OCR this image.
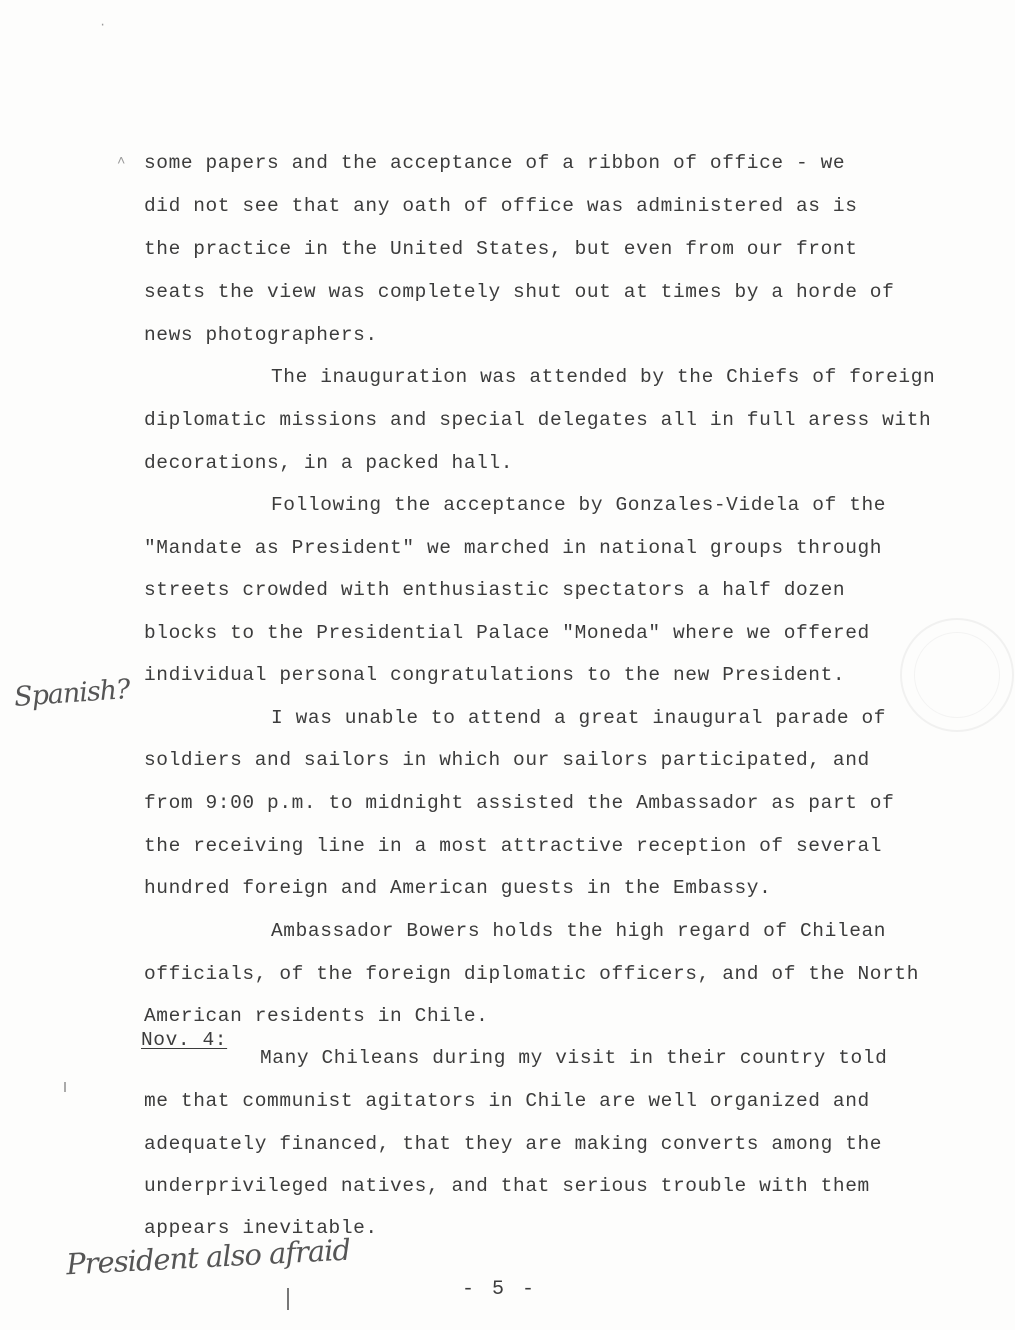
·
˄ some papers and the acceptance of a ribbon of office - we
did not see that any oath of office was administered as is
the practice in the United States, but even from our front
seats the view was completely shut out at times by a horde of
news photographers.
The inauguration was attended by the Chiefs of foreign
diplomatic missions and special delegates all in full aress with
decorations, in a packed hall.
Following the acceptance by Gonzales-Videla of the
"Mandate as President" we marched in national groups through
streets crowded with enthusiastic spectators a half dozen
blocks to the Presidential Palace "Moneda" where we offered
individual personal congratulations to the new President.
I was unable to attend a great inaugural parade of
soldiers and sailors in which our sailors participated, and
from 9:00 p.m. to midnight assisted the Ambassador as part of
the receiving line in a most attractive reception of several
hundred foreign and American guests in the Embassy.
Ambassador Bowers holds the high regard of Chilean
officials, of the foreign diplomatic officers, and of the North
American residents in Chile.
Nov. 4:
Many Chileans during my visit in their country told
me that communist agitators in Chile are well organized and
adequately financed, that they are making converts among the
underprivileged natives, and that serious trouble with them
appears inevitable.
Spanish?
President also afraid
- 5 -
